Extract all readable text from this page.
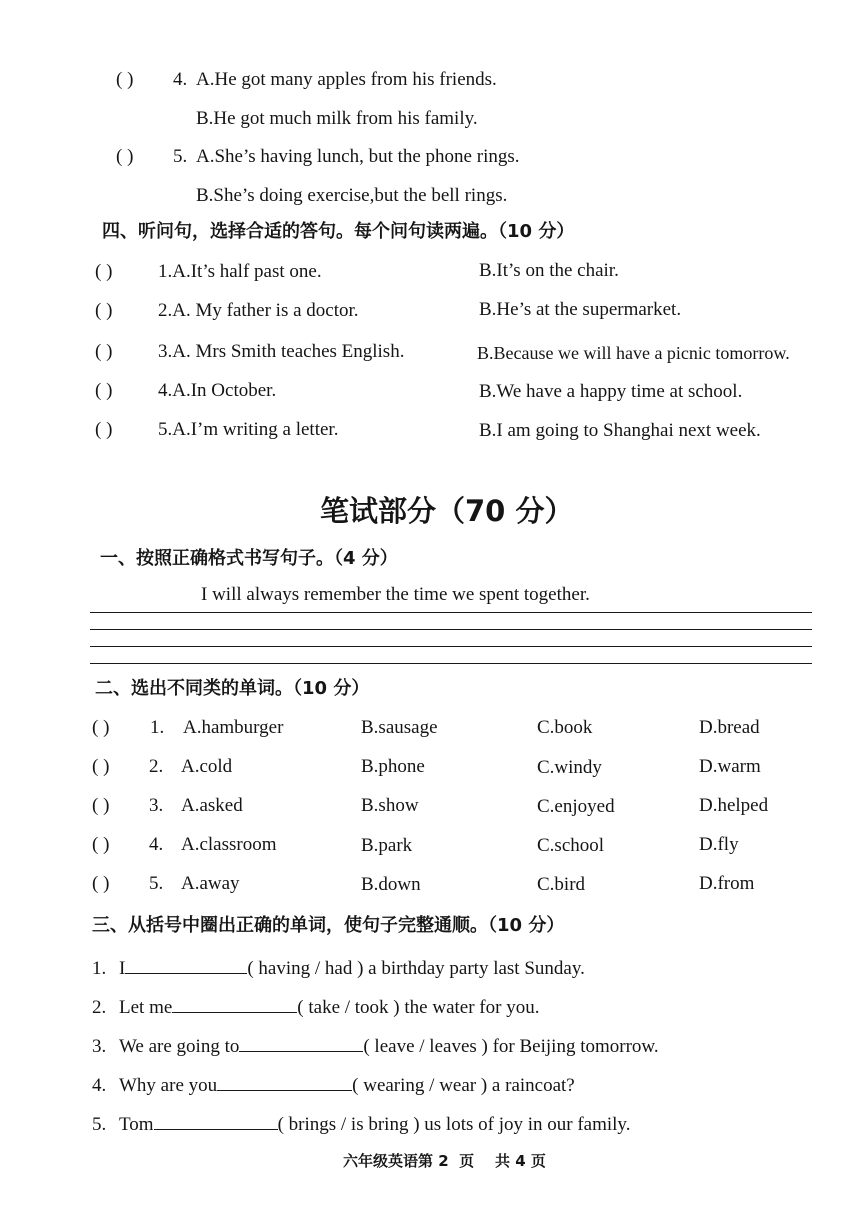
( ) 4. A.He got many apples from his friends.
B.He got much milk from his family.
( ) 5. A.She’s having lunch, but the phone rings.
B.She’s doing exercise,but the bell rings.
四、听问句，选择合适的答句。每个问句读两遍。（10 分）
( ) 1.A.It’s half past one.	B.It’s on the chair.
( ) 2.A. My father is a doctor.	B.He’s at the supermarket.
( ) 3.A. Mrs Smith teaches English.	B.Because we will have a picnic tomorrow.
( ) 4.A.In October.	B.We have a happy time at school.
( ) 5.A.I’m writing a letter.	B.I am going to Shanghai next week.
笔试部分（70 分）
一、按照正确格式书写句子。（4 分）
I will always remember the time we spent together.
二、选出不同类的单词。（10 分）
( ) 1. A.hamburger	B.sausage	C.book	D.bread
( ) 2. A.cold	B.phone	C.windy	D.warm
( ) 3. A.asked	B.show	C.enjoyed	D.helped
( ) 4. A.classroom	B.park	C.school	D.fly
( ) 5. A.away	B.down	C.bird	D.from
三、从括号中圈出正确的单词，使句子完整通顺。（10 分）
1. I	( having / had ) a birthday party last Sunday.
2. Let me	( take / took ) the water for you.
3. We are going to	( leave / leaves ) for Beijing tomorrow.
4. Why are you	( wearing / wear ) a raincoat?
5. Tom	( brings / is bring ) us lots of joy in our family.
六年级英语第 2  页    共 4 页
